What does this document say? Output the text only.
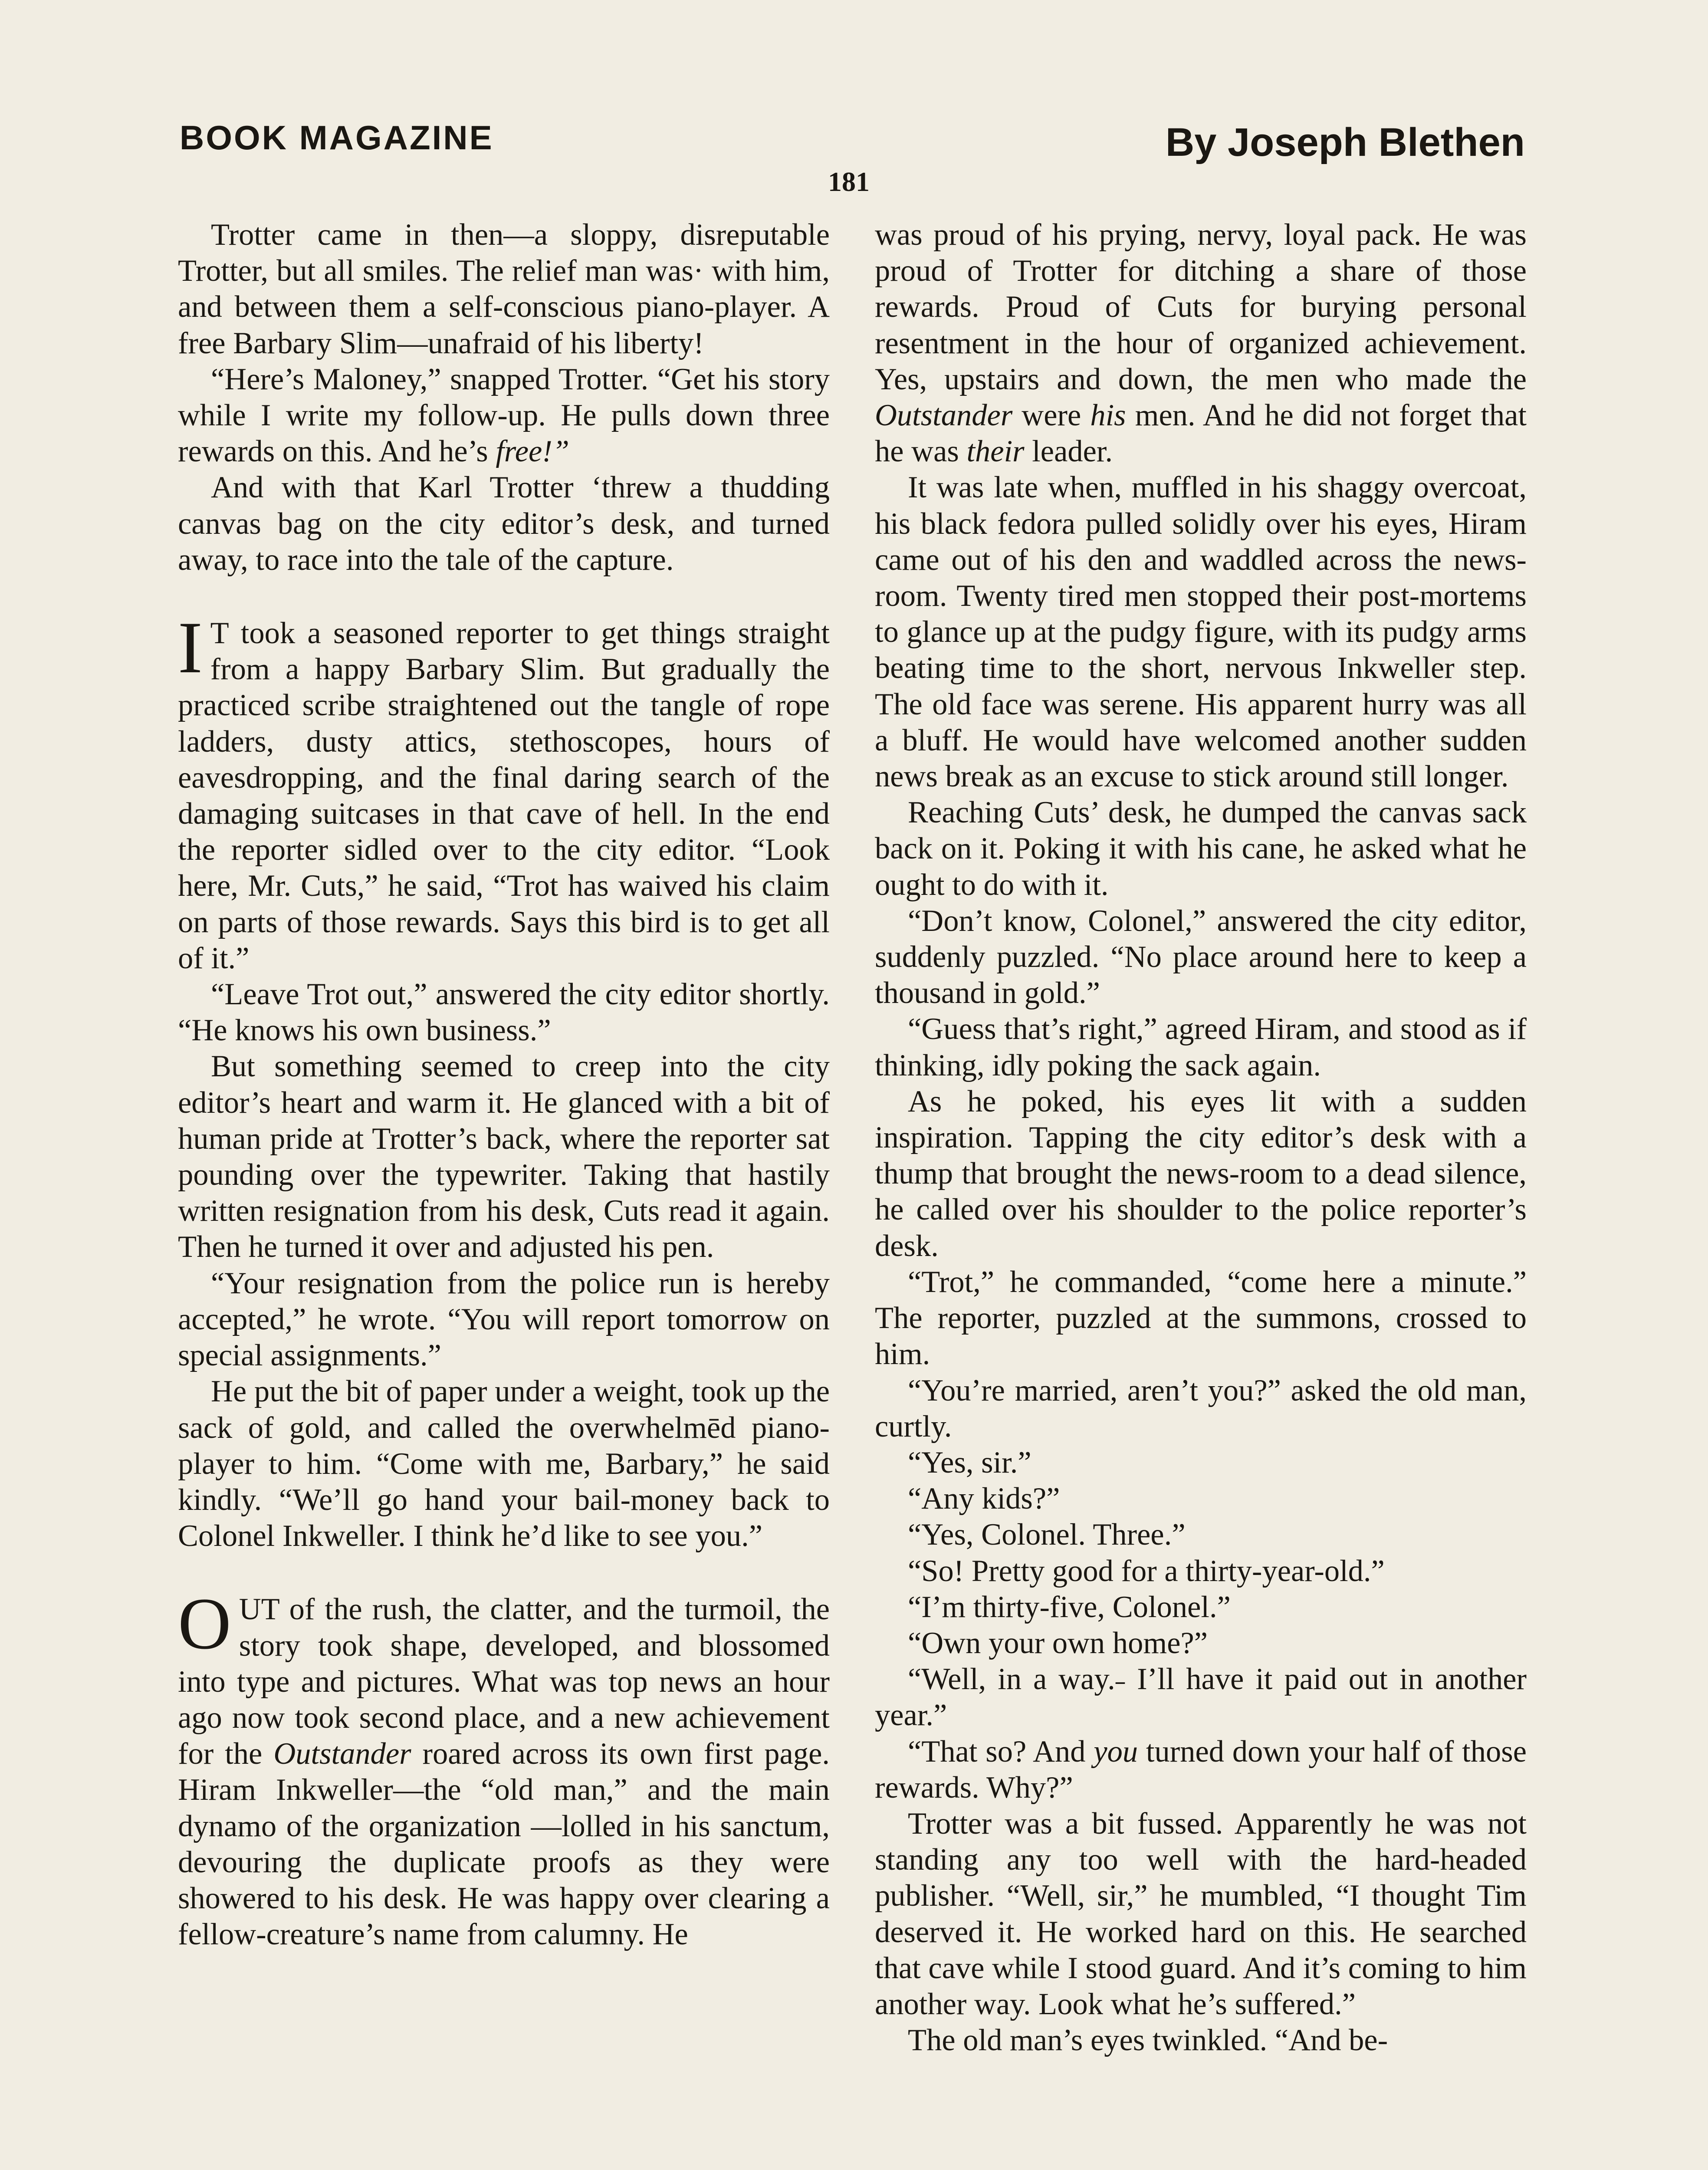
BOOK MAGAZINE	By Joseph Blethen
181

Trotter came in then—a sloppy, disreputable Trotter, but all smiles. The relief man was· with him, and between them a self-conscious piano-player. A free Barbary Slim—unafraid of his liberty!

“Here’s Maloney,” snapped Trotter. “Get his story while I write my follow-up. He pulls down three rewards on this. And he’s free!”

And with that Karl Trotter ʻthrew a thudding canvas bag on the city editor’s desk, and turned away, to race into the tale of the capture.

I T took a seasoned reporter to get things straight from a happy Barbary Slim. But gradually the practiced scribe straightened out the tangle of rope ladders, dusty attics, stethoscopes, hours of eavesdropping, and the final daring search of the damaging suitcases in that cave of hell. In the end the reporter sidled over to the city editor. “Look here, Mr. Cuts,” he said, “Trot has waived his claim on parts of those rewards. Says this bird is to get all of it.”

“Leave Trot out,” answered the city editor shortly. “He knows his own business.”

But something seemed to creep into the city editor’s heart and warm it. He glanced with a bit of human pride at Trotter’s back, where the reporter sat pounding over the typewriter. Taking that hastily written resignation from his desk, Cuts read it again. Then he turned it over and adjusted his pen.

“Your resignation from the police run is hereby accepted,” he wrote. “You will report tomorrow on special assignments.”

He put the bit of paper under a weight, took up the sack of gold, and called the overwhelmēd piano-player to him. “Come with me, Barbary,” he said kindly. “We’ll go hand your bail-money back to Colonel Inkweller. I think he’d like to see you.”

OUT of the rush, the clatter, and the turmoil, the story took shape, developed, and blossomed into type and pictures. What was top news an hour ago now took second place, and a new achievement for the Outstander roared across its own first page. Hiram Inkweller—the “old man,” and the main dynamo of the organization —lolled in his sanctum, devouring the duplicate proofs as they were showered to his desk. He was happy over clearing a fellow-creature’s name from calumny. He

was proud of his prying, nervy, loyal pack. He was proud of Trotter for ditching a share of those rewards. Proud of Cuts for burying personal resentment in the hour of organized achievement. Yes, upstairs and down, the men who made the Outstander were his men. And he did not forget that he was their leader.

It was late when, muffled in his shaggy overcoat, his black fedora pulled solidly over his eyes, Hiram came out of his den and waddled across the news-room. Twenty tired men stopped their post-mortems to glance up at the pudgy figure, with its pudgy arms beating time to the short, nervous Inkweller step. The old face was serene. His apparent hurry was all a bluff. He would have welcomed another sudden news break as an excuse to stick around still longer.

Reaching Cuts’ desk, he dumped the canvas sack back on it. Poking it with his cane, he asked what he ought to do with it.

“Don’t know, Colonel,” answered the city editor, suddenly puzzled. “No place around here to keep a thousand in gold.”

“Guess that’s right,” agreed Hiram, and stood as if thinking, idly poking the sack again.

As he poked, his eyes lit with a sudden inspiration. Tapping the city editor’s desk with a thump that brought the news-room to a dead silence, he called over his shoulder to the police reporter’s desk.

“Trot,” he commanded, “come here a minute.” The reporter, puzzled at the summons, crossed to him.

“You’re married, aren’t you?” asked the old man, curtly.

“Yes, sir.”

“Any kids?”

“Yes, Colonel. Three.”

“So! Pretty good for a thirty-year-old.”

“I’m thirty-five, Colonel.”

“Own your own home?”

“Well, in a way.˗ I’ll have it paid out in another year.”

“That so? And you turned down your half of those rewards. Why?”

Trotter was a bit fussed. Apparently he was not standing any too well with the hard-headed publisher. “Well, sir,” he mumbled, “I thought Tim deserved it. He worked hard on this. He searched that cave while I stood guard. And it’s coming to him another way. Look what he’s suffered.”

The old man’s eyes twinkled. “And be-
